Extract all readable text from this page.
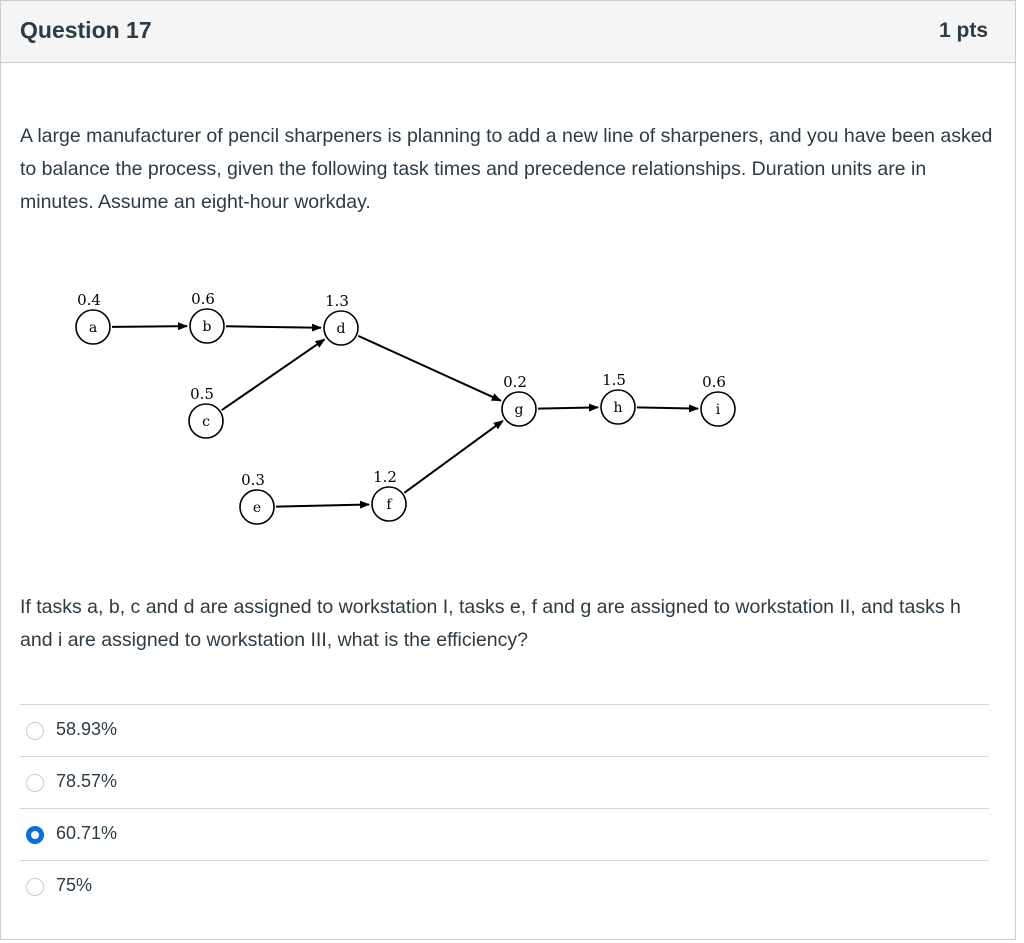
Question 17	1 pts
A large manufacturer of pencil sharpeners is planning to add a new line of sharpeners, and you have been asked to balance the process, given the following task times and precedence relationships. Duration units are in minutes. Assume an eight-hour workday.
a
0.4
b
0.6
c
0.5
d
1.3
e
0.3
f
1.2
g
0.2
h
1.5
i
0.6
If tasks a, b, c and d are assigned to workstation I, tasks e, f and g are assigned to workstation II, and tasks h and i are assigned to workstation III, what is the efficiency?
58.93%
78.57%
60.71%
75%
